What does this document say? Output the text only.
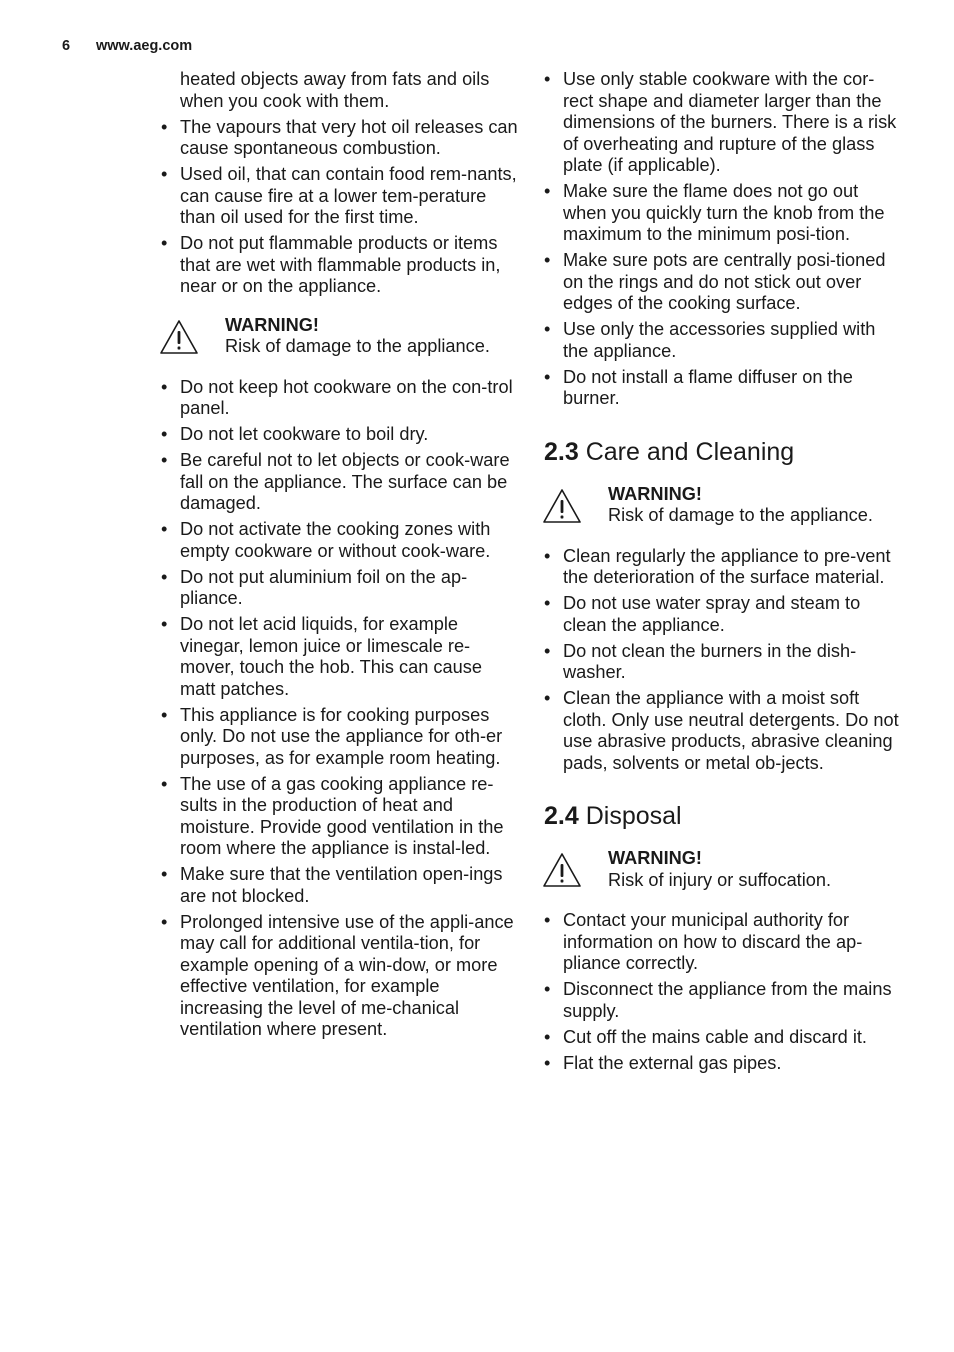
6 www.aeg.com
heated objects away from fats and oils when you cook with them.
• The vapours that very hot oil releases can cause spontaneous combustion.
• Used oil, that can contain food rem-nants, can cause fire at a lower tem-perature than oil used for the first time.
• Do not put flammable products or items that are wet with flammable products in, near or on the appliance.
WARNING!
Risk of damage to the appliance.
• Do not keep hot cookware on the con-trol panel.
• Do not let cookware to boil dry.
• Be careful not to let objects or cook-ware fall on the appliance. The surface can be damaged.
• Do not activate the cooking zones with empty cookware or without cook-ware.
• Do not put aluminium foil on the ap-pliance.
• Do not let acid liquids, for example vinegar, lemon juice or limescale re-mover, touch the hob. This can cause matt patches.
• This appliance is for cooking purposes only. Do not use the appliance for oth-er purposes, as for example room heating.
• The use of a gas cooking appliance re-sults in the production of heat and moisture. Provide good ventilation in the room where the appliance is instal-led.
• Make sure that the ventilation open-ings are not blocked.
• Prolonged intensive use of the appli-ance may call for additional ventila-tion, for example opening of a win-dow, or more effective ventilation, for example increasing the level of me-chanical ventilation where present.
• Use only stable cookware with the cor-rect shape and diameter larger than the dimensions of the burners. There is a risk of overheating and rupture of the glass plate (if applicable).
• Make sure the flame does not go out when you quickly turn the knob from the maximum to the minimum posi-tion.
• Make sure pots are centrally posi-tioned on the rings and do not stick out over edges of the cooking surface.
• Use only the accessories supplied with the appliance.
• Do not install a flame diffuser on the burner.
2.3 Care and Cleaning
WARNING!
Risk of damage to the appliance.
• Clean regularly the appliance to pre-vent the deterioration of the surface material.
• Do not use water spray and steam to clean the appliance.
• Do not clean the burners in the dish-washer.
• Clean the appliance with a moist soft cloth. Only use neutral detergents. Do not use abrasive products, abrasive cleaning pads, solvents or metal ob-jects.
2.4 Disposal
WARNING!
Risk of injury or suffocation.
• Contact your municipal authority for information on how to discard the ap-pliance correctly.
• Disconnect the appliance from the mains supply.
• Cut off the mains cable and discard it.
• Flat the external gas pipes.
